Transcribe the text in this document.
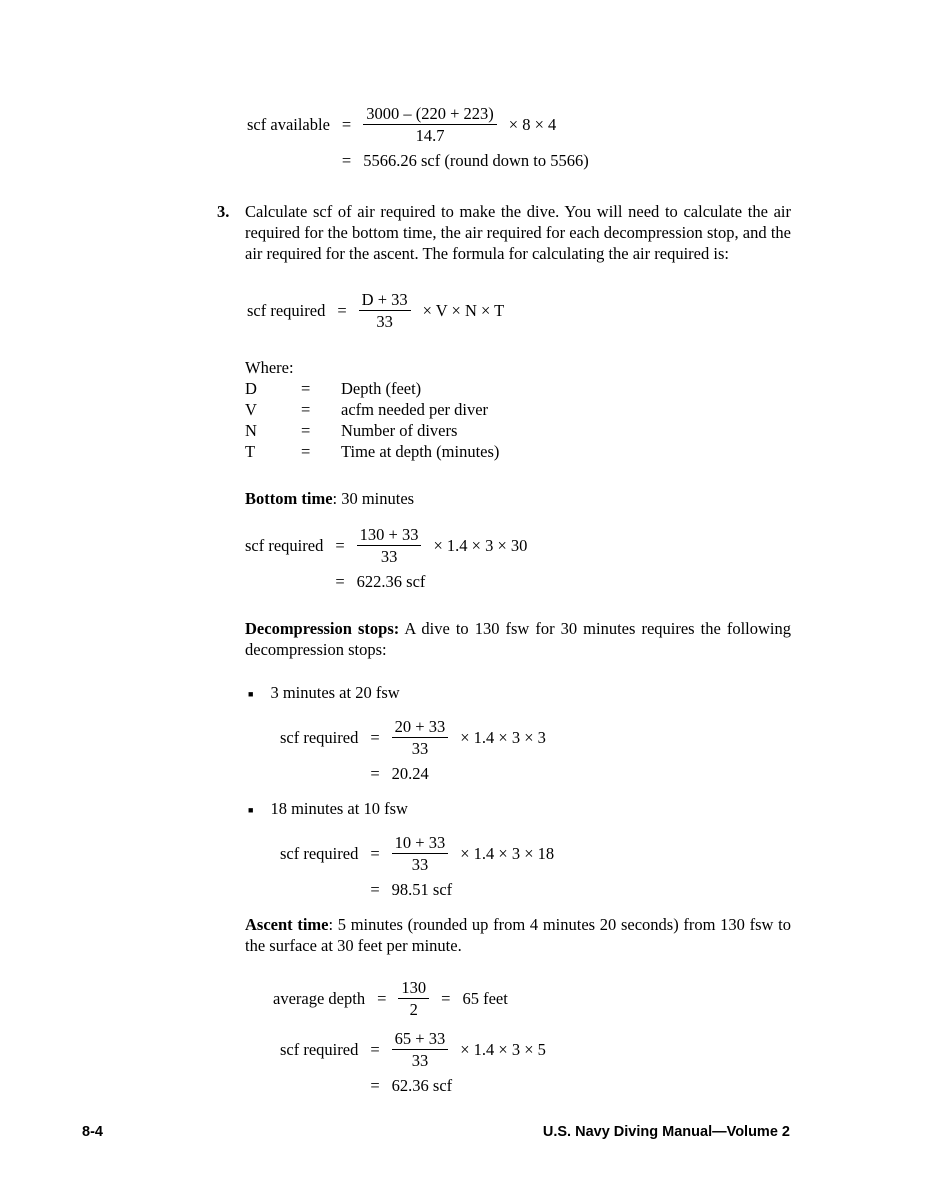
scf available = $\frac{3000 - (220 + 223)}{14.7} \times 8 \times 4$
= 5566.26 scf (round down to 5566)
3. Calculate scf of air required to make the dive. You will need to calculate the air required for the bottom time, the air required for each decompression stop, and the air required for the ascent. The formula for calculating the air required is:
scf required = $\frac{D + 33}{33} \times V \times N \times T$
Where:
D	=	Depth (feet)
V	=	acfm needed per diver
N	=	Number of divers
T	=	Time at depth (minutes)
Bottom time: 30 minutes
scf required = $\frac{130 + 33}{33} \times 1.4 \times 3 \times 30$
= 622.36 scf
Decompression stops: A dive to 130 fsw for 30 minutes requires the following decompression stops:
■ 3 minutes at 20 fsw
scf required = $\frac{20 + 33}{33} \times 1.4 \times 3 \times 3$
= 20.24
■ 18 minutes at 10 fsw
scf required = $\frac{10 + 33}{33} \times 1.4 \times 3 \times 18$
= 98.51 scf
Ascent time: 5 minutes (rounded up from 4 minutes 20 seconds) from 130 fsw to the surface at 30 feet per minute.
average depth = $\frac{130}{2} = 65$ feet
scf required = $\frac{65 + 33}{33} \times 1.4 \times 3 \times 5$
= 62.36 scf
8-4	U.S. Navy Diving Manual—Volume 2
